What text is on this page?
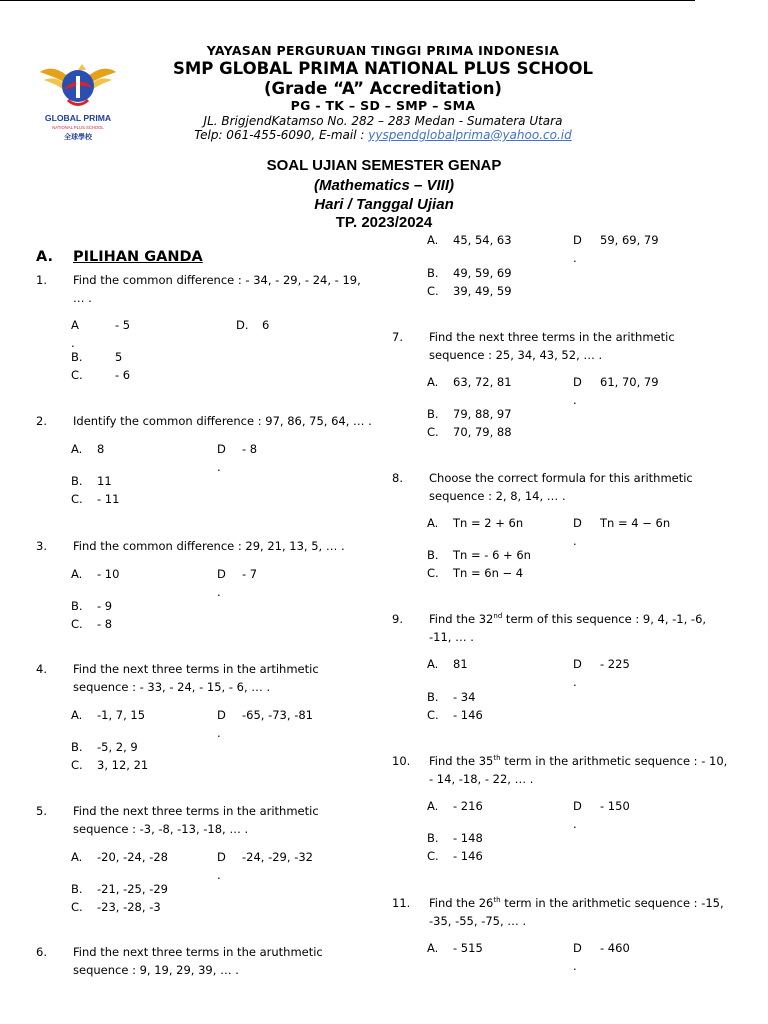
GLOBAL PRIMA
NATIONAL PLUS SCHOOL
全球學校
YAYASAN PERGURUAN TINGGI PRIMA INDONESIA
SMP GLOBAL PRIMA NATIONAL PLUS SCHOOL
(Grade “A” Accreditation)
PG - TK – SD – SMP – SMA
JL. BrigjendKatamso No. 282 – 283 Medan - Sumatera Utara
Telp: 061-455-6090, E-mail : yyspendglobalprima@yahoo.co.id
SOAL UJIAN SEMESTER GENAP
(Mathematics – VIII)
Hari / Tanggal Ujian
TP. 2023/2024
A. PILIHAN GANDA
1. Find the common difference : - 34, - 29, - 24, - 19, … .
A
.
- 5	D. 6
B.	5
C.	- 6
2. Identify the common difference : 97, 86, 75, 64, … .
A. 8	D
.
- 8
B. 11
C. - 11
3. Find the common difference : 29, 21, 13, 5, … .
A. - 10	D
.
- 7
B. - 9
C. - 8
4. Find the next three terms in the artihmetic sequence : - 33, - 24, - 15, - 6, … .
A. -1, 7, 15	D
.
-65, -73, -81
B. -5, 2, 9
C. 3, 12, 21
5. Find the next three terms in the arithmetic sequence : -3, -8, -13, -18, … .
A. -20, -24, -28	D
.
-24, -29, -32
B. -21, -25, -29
C. -23, -28, -3
6. Find the next three terms in the aruthmetic sequence : 9, 19, 29, 39, … .
A. 45, 54, 63	D
.
59, 69, 79
B. 49, 59, 69
C. 39, 49, 59
7. Find the next three terms in the arithmetic sequence : 25, 34, 43, 52, … .
A. 63, 72, 81	D
.
61, 70, 79
B. 79, 88, 97
C. 70, 79, 88
8. Choose the correct formula for this arithmetic sequence : 2, 8, 14, … .
A. Tn = 2 + 6n	D
.
Tn = 4 − 6n
B. Tn = - 6 + 6n
C. Tn = 6n − 4
9. Find the 32nd term of this sequence : 9, 4, -1, -6, -11, … .
A. 81	D
.
- 225
B. - 34
C. - 146
10. Find the 35th term in the arithmetic sequence : - 10, - 14, -18, - 22, … .
A. - 216	D
.
- 150
B. - 148
C. - 146
11. Find the 26th term in the arithmetic sequence : -15, -35, -55, -75, … .
A. - 515	D
.
- 460
